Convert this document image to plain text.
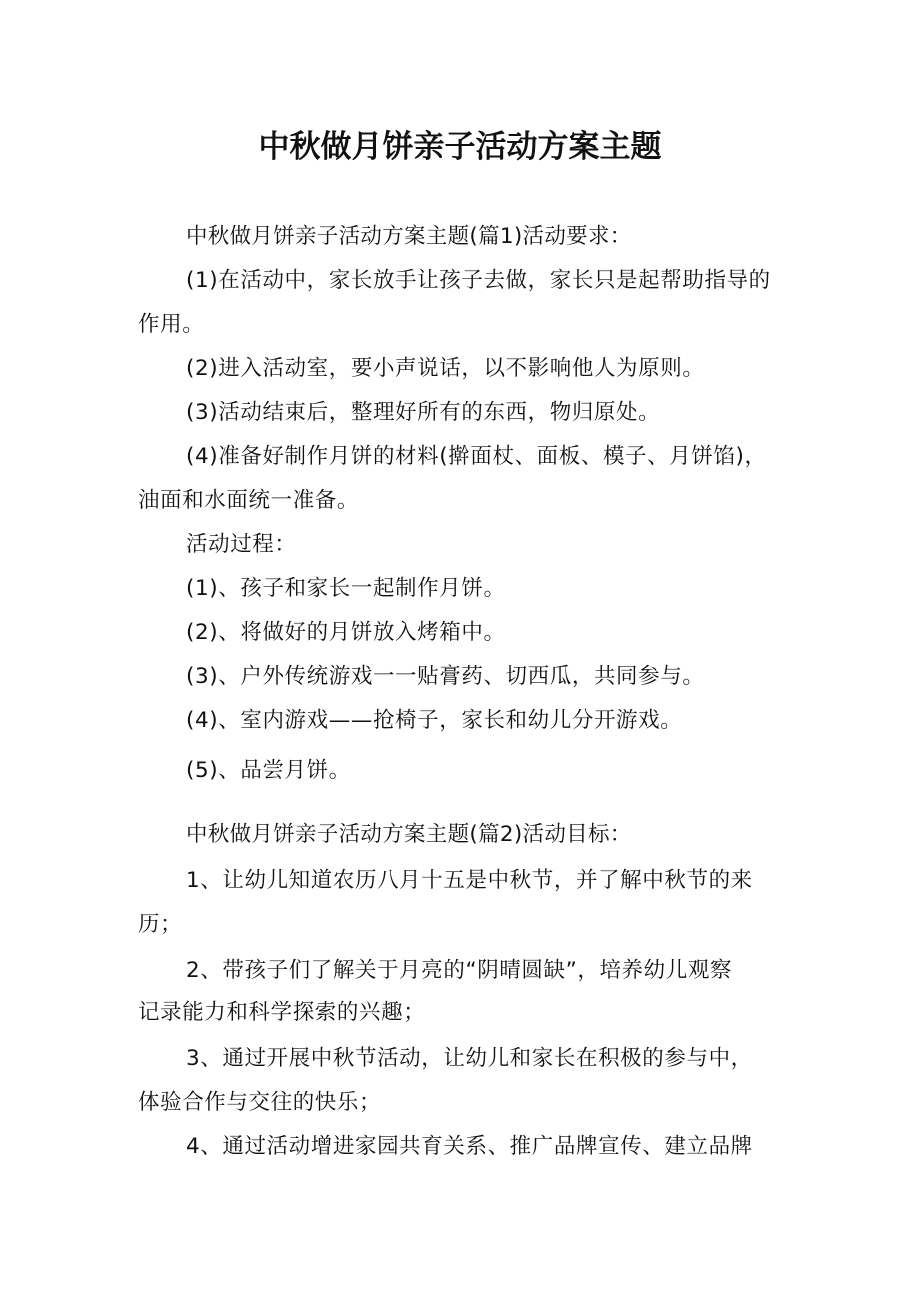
中秋做月饼亲子活动方案主题
中秋做月饼亲子活动方案主题(篇1)活动要求：
(1)在活动中，家长放手让孩子去做，家长只是起帮助指导的
作用。
(2)进入活动室，要小声说话，以不影响他人为原则。
(3)活动结束后，整理好所有的东西，物归原处。
(4)准备好制作月饼的材料(擀面杖、面板、模子、月饼馅)，
油面和水面统一准备。
活动过程：
(1)、孩子和家长一起制作月饼。
(2)、将做好的月饼放入烤箱中。
(3)、户外传统游戏一一贴膏药、切西瓜，共同参与。
(4)、室内游戏——抢椅子，家长和幼儿分开游戏。
(5)、品尝月饼。
中秋做月饼亲子活动方案主题(篇2)活动目标：
1、让幼儿知道农历八月十五是中秋节，并了解中秋节的来
历；
2、带孩子们了解关于月亮的“阴晴圆缺”，培养幼儿观察
记录能力和科学探索的兴趣；
3、通过开展中秋节活动，让幼儿和家长在积极的参与中，
体验合作与交往的快乐；
4、通过活动增进家园共育关系、推广品牌宣传、建立品牌
